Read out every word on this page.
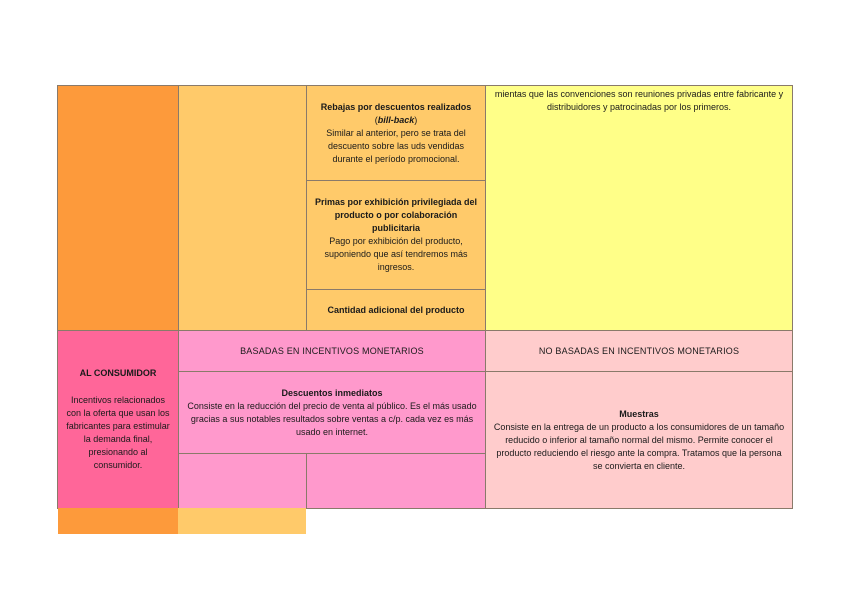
Rebajas por descuentos realizados
(bill-back)
Similar al anterior, pero se trata del descuento sobre las uds vendidas durante el período promocional.
Primas por exhibición privilegiada del producto o por colaboración publicitaria
Pago por exhibición del producto, suponiendo que así tendremos más ingresos.
Cantidad adicional del producto
mientas que las convenciones son reuniones privadas entre fabricante y distribuidores y patrocinadas por los primeros.
AL CONSUMIDOR
Incentivos relacionados con la oferta que usan los fabricantes para estimular la demanda final, presionando al consumidor.
BASADAS EN INCENTIVOS MONETARIOS	NO BASADAS EN INCENTIVOS MONETARIOS
Descuentos inmediatos
Consiste en la reducción del precio de venta al público. Es el más usado gracias a sus notables resultados sobre ventas a c/p. cada vez es más usado en internet.
Muestras
Consiste en la entrega de un producto a los consumidores de un tamaño reducido o inferior al tamaño normal del mismo. Permite conocer el producto reduciendo el riesgo ante la compra. Tratamos que la persona se convierta en cliente.
